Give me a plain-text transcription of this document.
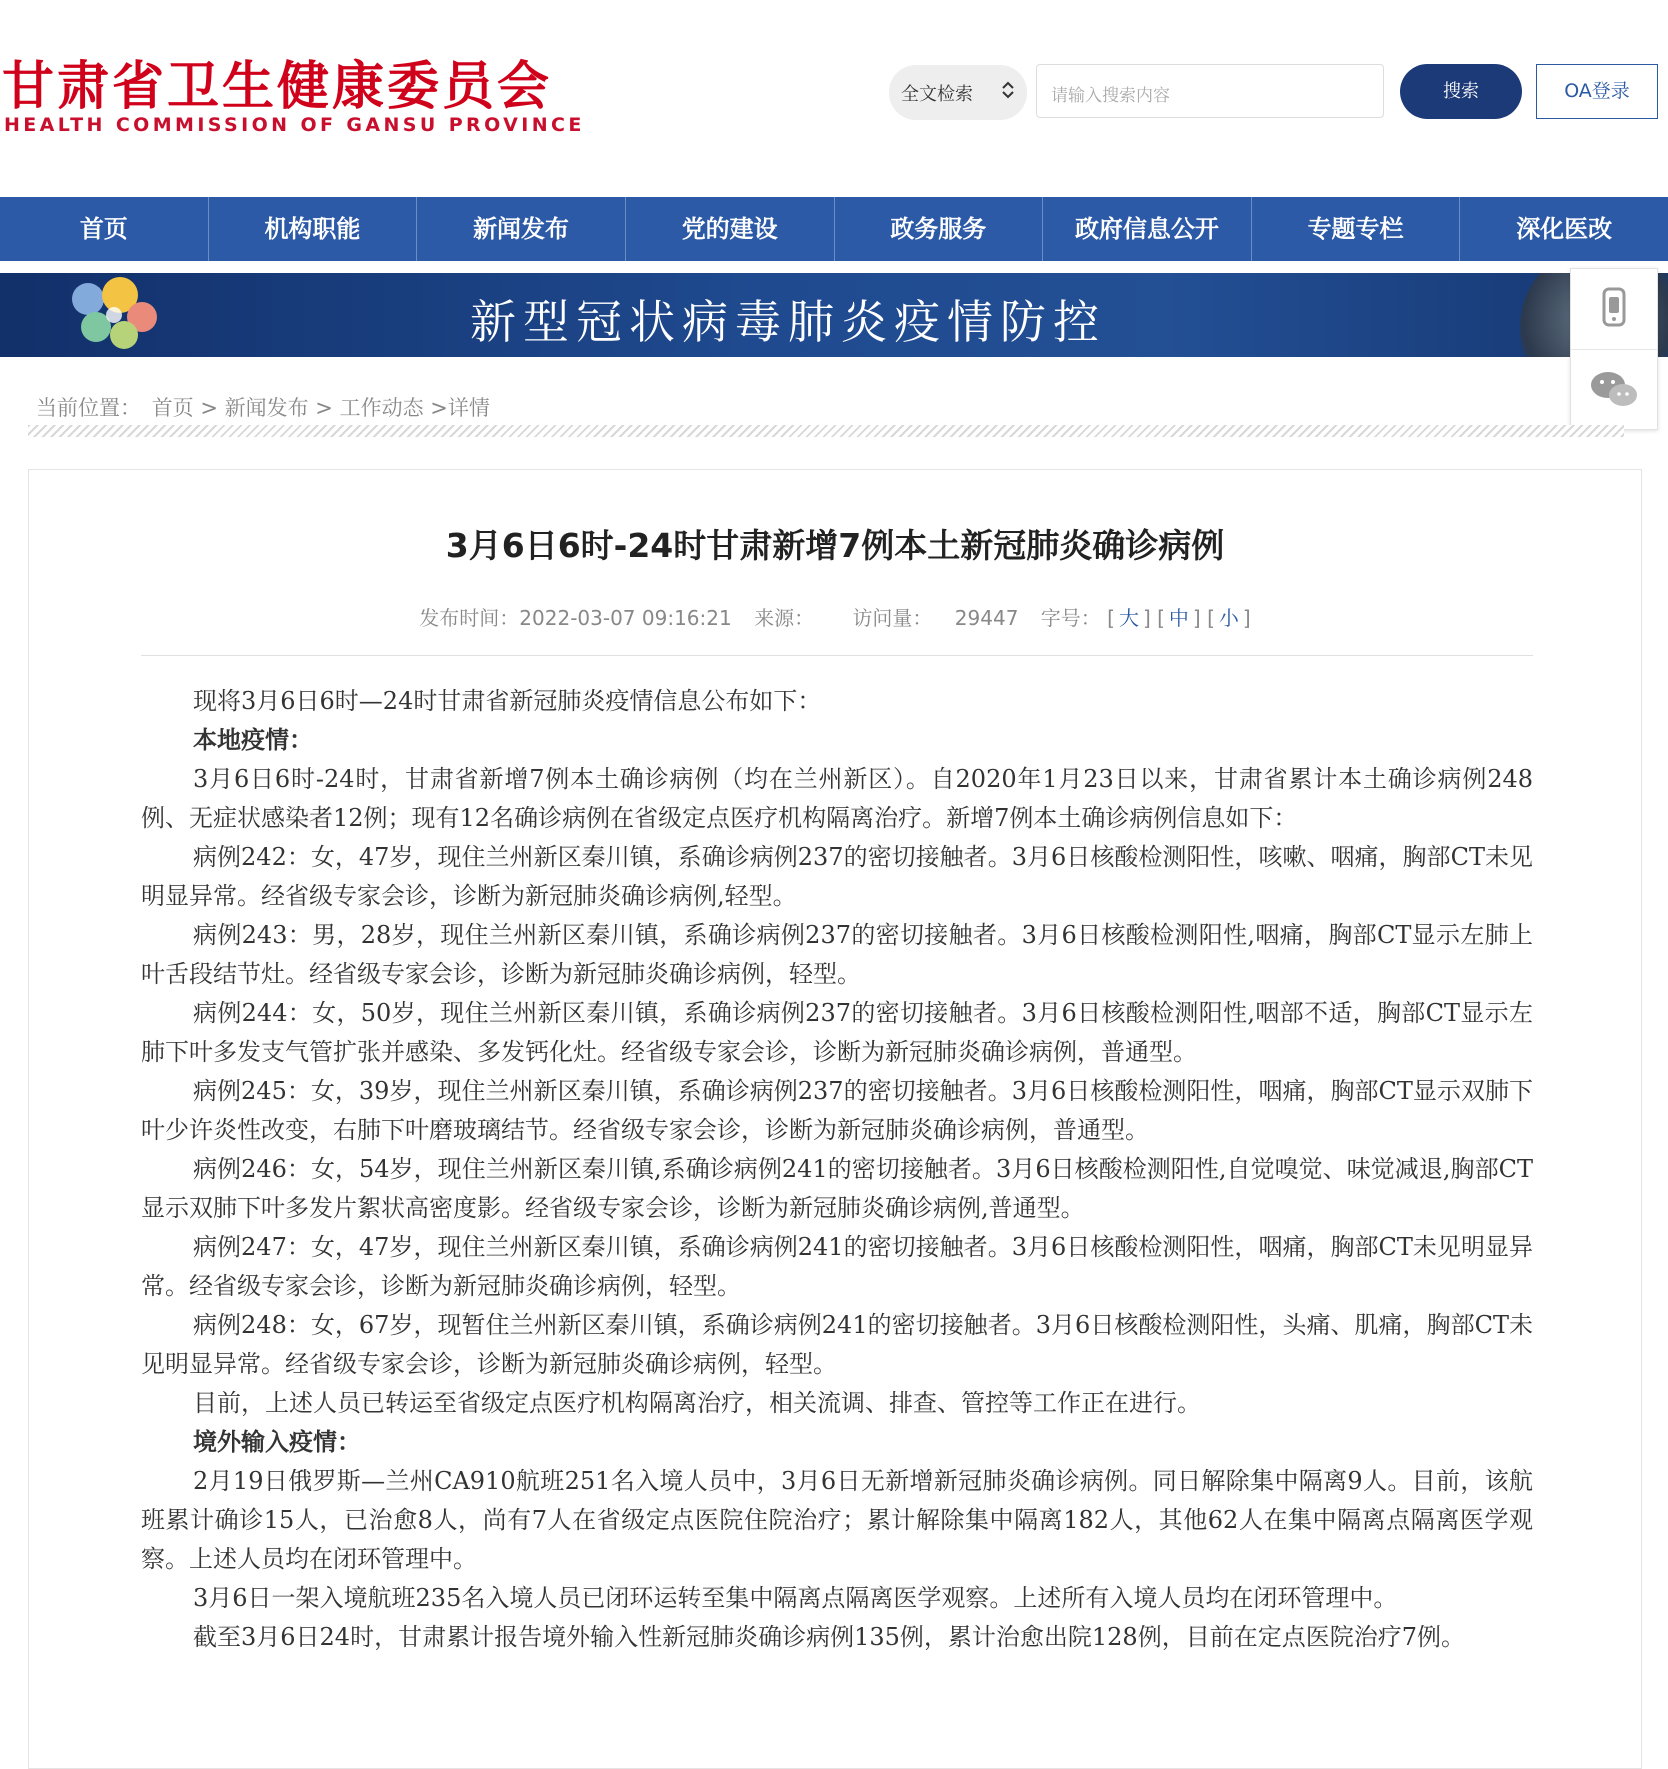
甘肃省卫生健康委员会
HEALTH COMMISSION OF GANSU PROVINCE
全文检索	请输入搜索内容	搜索	OA登录
首页	机构职能	新闻发布	党的建设	政务服务	政府信息公开	专题专栏	深化医改
新型冠状病毒肺炎疫情防控
当前位置： 首页 > 新闻发布 > 工作动态 >详情
3月6日6时-24时甘肃新增7例本土新冠肺炎确诊病例
发布时间：2022-03-07 09:16:21 来源： 访问量： 29447 字号： [ 大 ] [ 中 ] [ 小 ]

现将3月6日6时—24时甘肃省新冠肺炎疫情信息公布如下：

本地疫情：

3月6日6时-24时，甘肃省新增7例本土确诊病例（均在兰州新区）。自2020年1月23日以来，甘肃省累计本土确诊病例248例、无症状感染者12例；现有12名确诊病例在省级定点医疗机构隔离治疗。新增7例本土确诊病例信息如下：

病例242：女，47岁，现住兰州新区秦川镇，系确诊病例237的密切接触者。3月6日核酸检测阳性，咳嗽、咽痛，胸部CT未见明显异常。经省级专家会诊，诊断为新冠肺炎确诊病例,轻型。

病例243：男，28岁，现住兰州新区秦川镇，系确诊病例237的密切接触者。3月6日核酸检测阳性,咽痛，胸部CT显示左肺上叶舌段结节灶。经省级专家会诊，诊断为新冠肺炎确诊病例，轻型。

病例244：女，50岁，现住兰州新区秦川镇，系确诊病例237的密切接触者。3月6日核酸检测阳性,咽部不适，胸部CT显示左肺下叶多发支气管扩张并感染、多发钙化灶。经省级专家会诊，诊断为新冠肺炎确诊病例，普通型。

病例245：女，39岁，现住兰州新区秦川镇，系确诊病例237的密切接触者。3月6日核酸检测阳性，咽痛，胸部CT显示双肺下叶少许炎性改变，右肺下叶磨玻璃结节。经省级专家会诊，诊断为新冠肺炎确诊病例，普通型。

病例246：女，54岁，现住兰州新区秦川镇,系确诊病例241的密切接触者。3月6日核酸检测阳性,自觉嗅觉、味觉减退,胸部CT显示双肺下叶多发片絮状高密度影。经省级专家会诊，诊断为新冠肺炎确诊病例,普通型。

病例247：女，47岁，现住兰州新区秦川镇，系确诊病例241的密切接触者。3月6日核酸检测阳性，咽痛，胸部CT未见明显异常。经省级专家会诊，诊断为新冠肺炎确诊病例，轻型。

病例248：女，67岁，现暂住兰州新区秦川镇，系确诊病例241的密切接触者。3月6日核酸检测阳性，头痛、肌痛，胸部CT未见明显异常。经省级专家会诊，诊断为新冠肺炎确诊病例，轻型。

目前，上述人员已转运至省级定点医疗机构隔离治疗，相关流调、排查、管控等工作正在进行。

境外输入疫情：

2月19日俄罗斯—兰州CA910航班251名入境人员中，3月6日无新增新冠肺炎确诊病例。同日解除集中隔离9人。目前，该航班累计确诊15人，已治愈8人，尚有7人在省级定点医院住院治疗；累计解除集中隔离182人，其他62人在集中隔离点隔离医学观察。上述人员均在闭环管理中。

3月6日一架入境航班235名入境人员已闭环运转至集中隔离点隔离医学观察。上述所有入境人员均在闭环管理中。

截至3月6日24时，甘肃累计报告境外输入性新冠肺炎确诊病例135例，累计治愈出院128例，目前在定点医院治疗7例。
